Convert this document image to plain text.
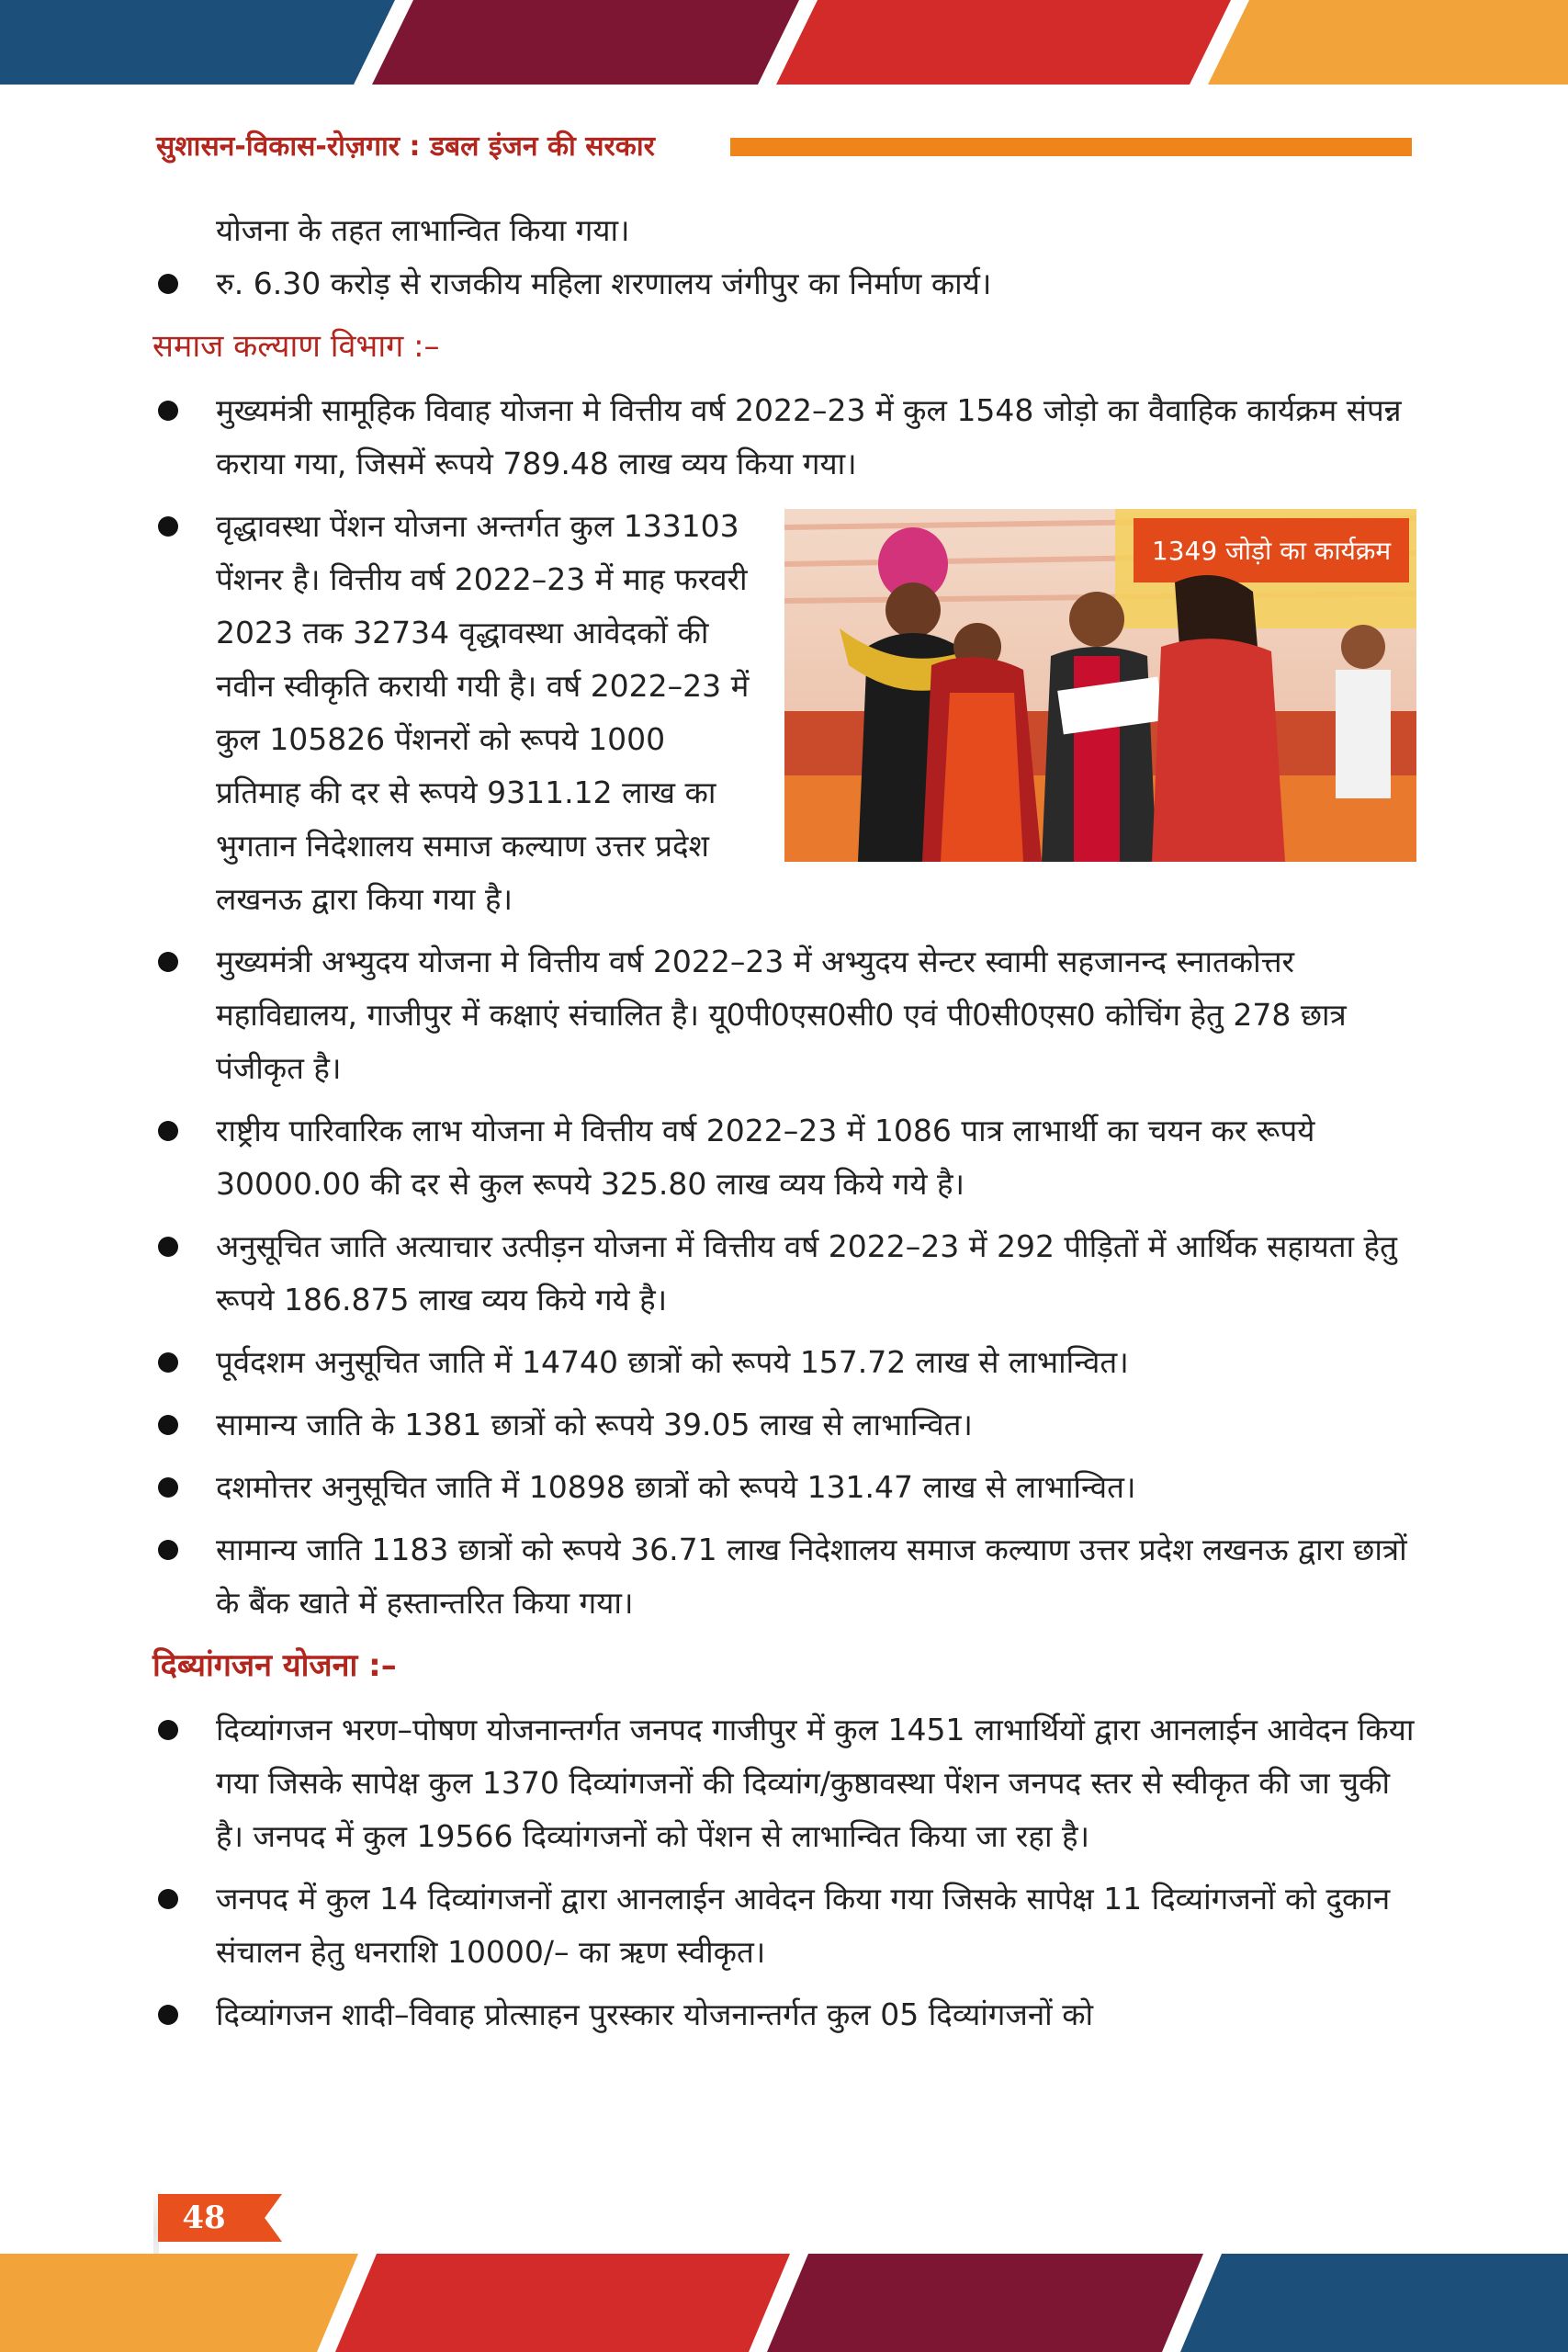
सुशासन-विकास-रोज़गार : डबल इंजन की सरकार

योजना के तहत लाभान्वित किया गया।

रु. 6.30 करोड़ से राजकीय महिला शरणालय जंगीपुर का निर्माण कार्य।
समाज कल्याण विभाग :–
मुख्यमंत्री सामूहिक विवाह योजना मे वित्तीय वर्ष 2022–23 में कुल 1548 जोड़ो का वैवाहिक कार्यक्रम संपन्न कराया गया, जिसमें रूपये 789.48 लाख व्यय किया गया।
1349 जोड़ो का कार्यक्रम
वृद्धावस्था पेंशन योजना अन्तर्गत कुल 133103 पेंशनर है। वित्तीय वर्ष 2022–23 में माह फरवरी 2023 तक 32734 वृद्धावस्था आवेदकों की नवीन स्वीकृति करायी गयी है। वर्ष 2022–23 में कुल 105826 पेंशनरों को रूपये 1000 प्रतिमाह की दर से रूपये 9311.12 लाख का भुगतान निदेशालय समाज कल्याण उत्तर प्रदेश लखनऊ द्वारा किया गया है।
मुख्यमंत्री अभ्युदय योजना मे वित्तीय वर्ष 2022–23 में अभ्युदय सेन्टर स्वामी सहजानन्द स्नातकोत्तर महाविद्यालय, गाजीपुर में कक्षाएं संचालित है। यू0पी0एस0सी0 एवं पी0सी0एस0 कोचिंग हेतु 278 छात्र पंजीकृत है।
राष्ट्रीय पारिवारिक लाभ योजना मे वित्तीय वर्ष 2022–23 में 1086 पात्र लाभार्थी का चयन कर रूपये 30000.00 की दर से कुल रूपये 325.80 लाख व्यय किये गये है।
अनुसूचित जाति अत्याचार उत्पीड़न योजना में वित्तीय वर्ष 2022–23 में 292 पीड़ितों में आर्थिक सहायता हेतु रूपये 186.875 लाख व्यय किये गये है।
पूर्वदशम अनुसूचित जाति में 14740 छात्रों को रूपये 157.72 लाख से लाभान्वित।
सामान्य जाति के 1381 छात्रों को रूपये 39.05 लाख से लाभान्वित।
दशमोत्तर अनुसूचित जाति में 10898 छात्रों को रूपये 131.47 लाख से लाभान्वित।
सामान्य जाति 1183 छात्रों को रूपये 36.71 लाख निदेशालय समाज कल्याण उत्तर प्रदेश लखनऊ द्वारा छात्रों के बैंक खाते में हस्तान्तरित किया गया।
दिब्यांगजन योजना :–
दिव्यांगजन भरण–पोषण योजनान्तर्गत जनपद गाजीपुर में कुल 1451 लाभार्थियों द्वारा आनलाईन आवेदन किया गया जिसके सापेक्ष कुल 1370 दिव्यांगजनों की दिव्यांग/कुष्ठावस्था पेंशन जनपद स्तर से स्वीकृत की जा चुकी है। जनपद में कुल 19566 दिव्यांगजनों को पेंशन से लाभान्वित किया जा रहा है।
जनपद में कुल 14 दिव्यांगजनों द्वारा आनलाईन आवेदन किया गया जिसके सापेक्ष 11 दिव्यांगजनों को दुकान संचालन हेतु धनराशि 10000/– का ऋण स्वीकृत।
दिव्यांगजन शादी–विवाह प्रोत्साहन पुरस्कार योजनान्तर्गत कुल 05 दिव्यांगजनों को
48
